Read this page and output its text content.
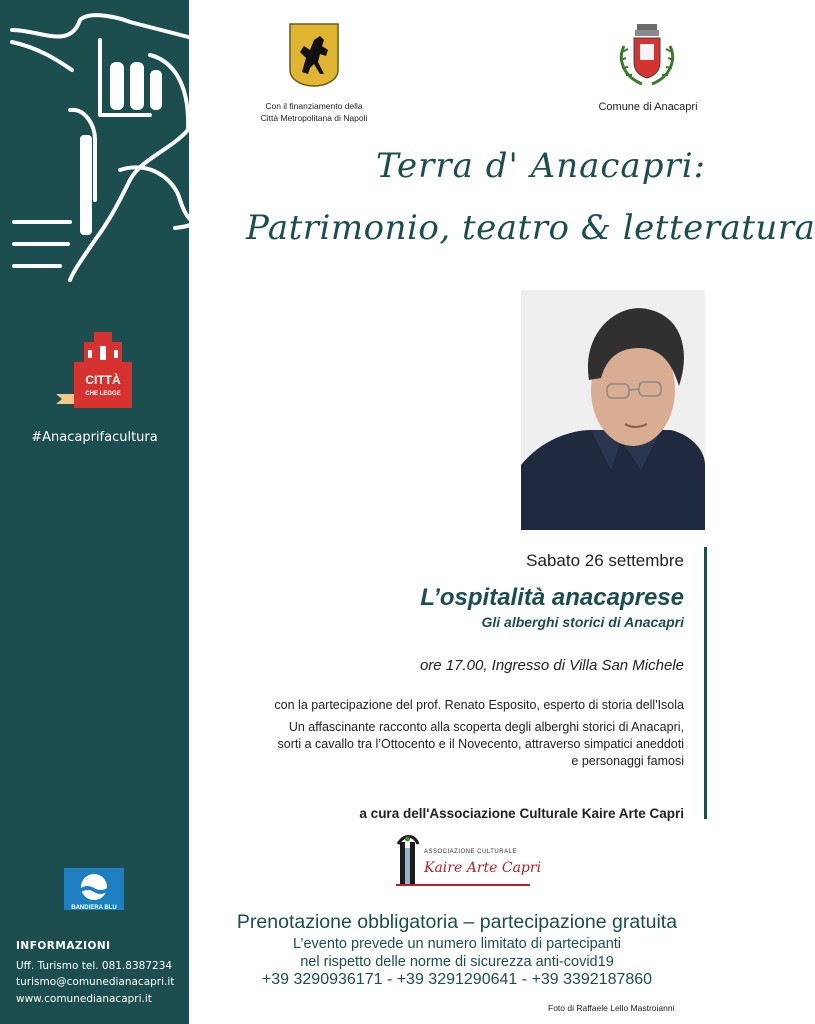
CITTÀ
CHE LEGGE
#Anacaprifacultura
BANDIERA BLU
INFORMAZIONI
Uff. Turismo tel. 081.8387234
turismo@comunedianacapri.it
www.comunedianacapri.it
Con il finanziamento della
Città Metropolitana di Napoli
Comune di Anacapri
Terra d' Anacapri:
Patrimonio, teatro & letteratura
Sabato 26 settembre
L’ospitalità anacaprese
Gli alberghi storici di Anacapri
ore 17.00, Ingresso di Villa San Michele
con la partecipazione del prof. Renato Esposito, esperto di storia dell'Isola
Un affascinante racconto alla scoperta degli alberghi storici di Anacapri,
sorti a cavallo tra l’Ottocento e il Novecento, attraverso simpatici aneddoti
e personaggi famosi
a cura dell'Associazione Culturale Kaire Arte Capri
ASSOCIAZIONE CULTURALE
Kaire Arte Capri
Prenotazione obbligatoria – partecipazione gratuita
L’evento prevede un numero limitato di partecipanti
nel rispetto delle norme di sicurezza anti-covid19
+39 3290936171 - +39 3291290641 - +39 3392187860
Foto di Raffaele Lello Mastroianni
